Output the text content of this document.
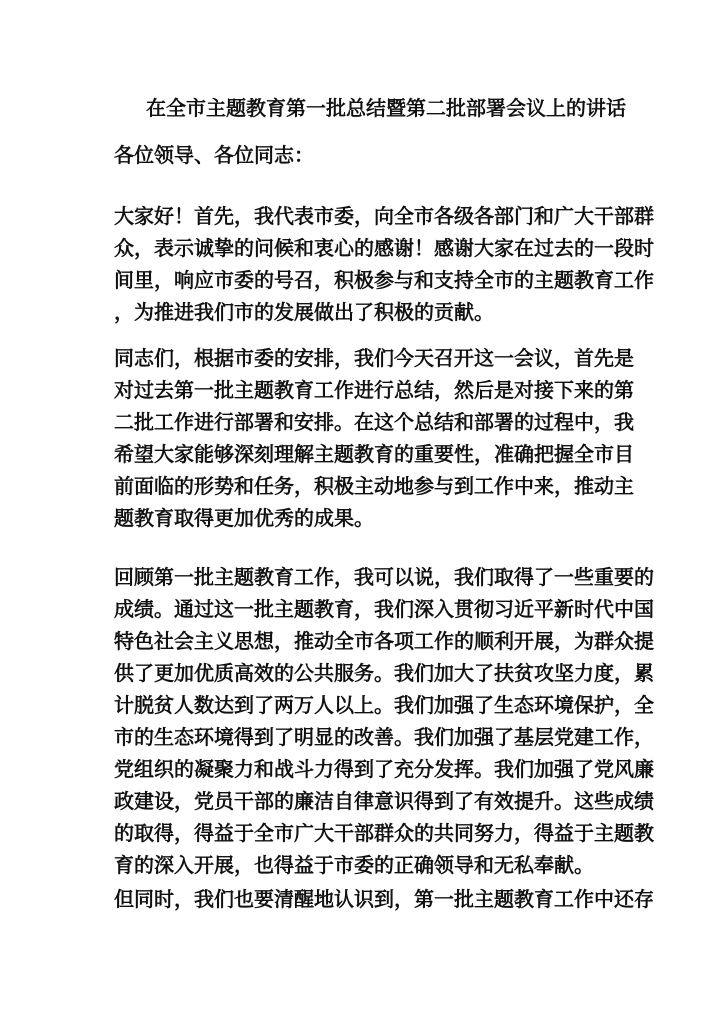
在全市主题教育第一批总结暨第二批部署会议上的讲话
各位领导、各位同志：
大家好！首先，我代表市委，向全市各级各部门和广大干部群
众，表示诚挚的问候和衷心的感谢！感谢大家在过去的一段时
间里，响应市委的号召，积极参与和支持全市的主题教育工作
，为推进我们市的发展做出了积极的贡献。
同志们，根据市委的安排，我们今天召开这一会议，首先是
对过去第一批主题教育工作进行总结，然后是对接下来的第
二批工作进行部署和安排。在这个总结和部署的过程中，我
希望大家能够深刻理解主题教育的重要性，准确把握全市目
前面临的形势和任务，积极主动地参与到工作中来，推动主
题教育取得更加优秀的成果。
回顾第一批主题教育工作，我可以说，我们取得了一些重要的
成绩。通过这一批主题教育，我们深入贯彻习近平新时代中国
特色社会主义思想，推动全市各项工作的顺利开展，为群众提
供了更加优质高效的公共服务。我们加大了扶贫攻坚力度，累
计脱贫人数达到了两万人以上。我们加强了生态环境保护，全
市的生态环境得到了明显的改善。我们加强了基层党建工作，
党组织的凝聚力和战斗力得到了充分发挥。我们加强了党风廉
政建设，党员干部的廉洁自律意识得到了有效提升。这些成绩
的取得，得益于全市广大干部群众的共同努力，得益于主题教
育的深入开展，也得益于市委的正确领导和无私奉献。
但同时，我们也要清醒地认识到，第一批主题教育工作中还存
